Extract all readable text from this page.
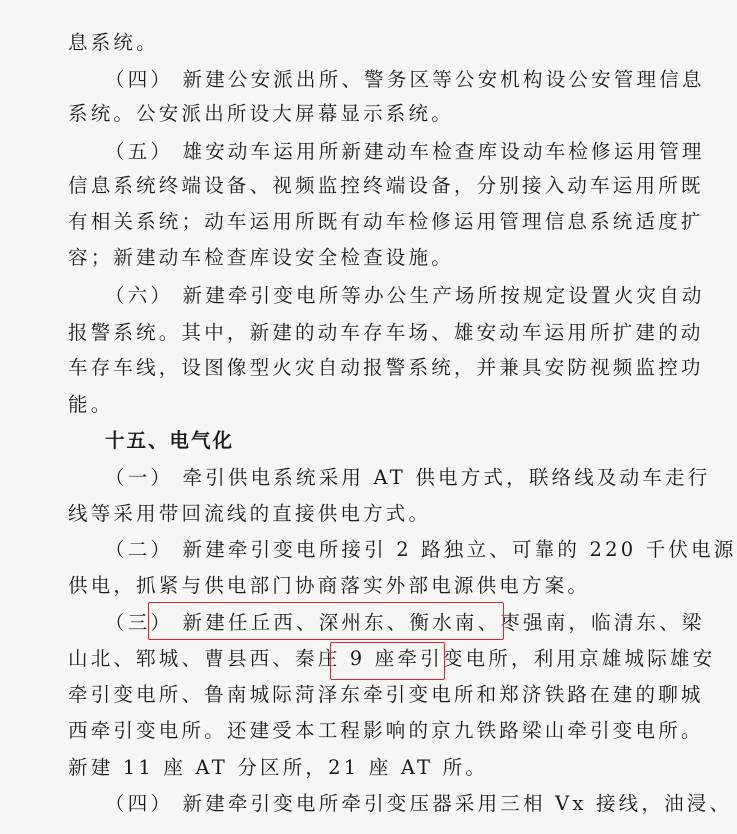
息系统。
（四） 新建公安派出所、警务区等公安机构设公安管理信息
系统。公安派出所设大屏幕显示系统。
（五） 雄安动车运用所新建动车检查库设动车检修运用管理
信息系统终端设备、视频监控终端设备，分别接入动车运用所既
有相关系统；动车运用所既有动车检修运用管理信息系统适度扩
容；新建动车检查库设安全检查设施。
（六） 新建牵引变电所等办公生产场所按规定设置火灾自动
报警系统。其中，新建的动车存车场、雄安动车运用所扩建的动
车存车线，设图像型火灾自动报警系统，并兼具安防视频监控功
能。
十五、电气化
（一） 牵引供电系统采用 AT 供电方式，联络线及动车走行
线等采用带回流线的直接供电方式。
（二） 新建牵引变电所接引 2 路独立、可靠的 220 千伏电源
供电，抓紧与供电部门协商落实外部电源供电方案。
（三） 新建任丘西、深州东、衡水南、枣强南，临清东、梁
山北、郓城、曹县西、秦庄 9 座牵引变电所，利用京雄城际雄安
牵引变电所、鲁南城际菏泽东牵引变电所和郑济铁路在建的聊城
西牵引变电所。还建受本工程影响的京九铁路梁山牵引变电所。
新建 11 座 AT 分区所，21 座 AT 所。
（四） 新建牵引变电所牵引变压器采用三相 Vx 接线，油浸、
